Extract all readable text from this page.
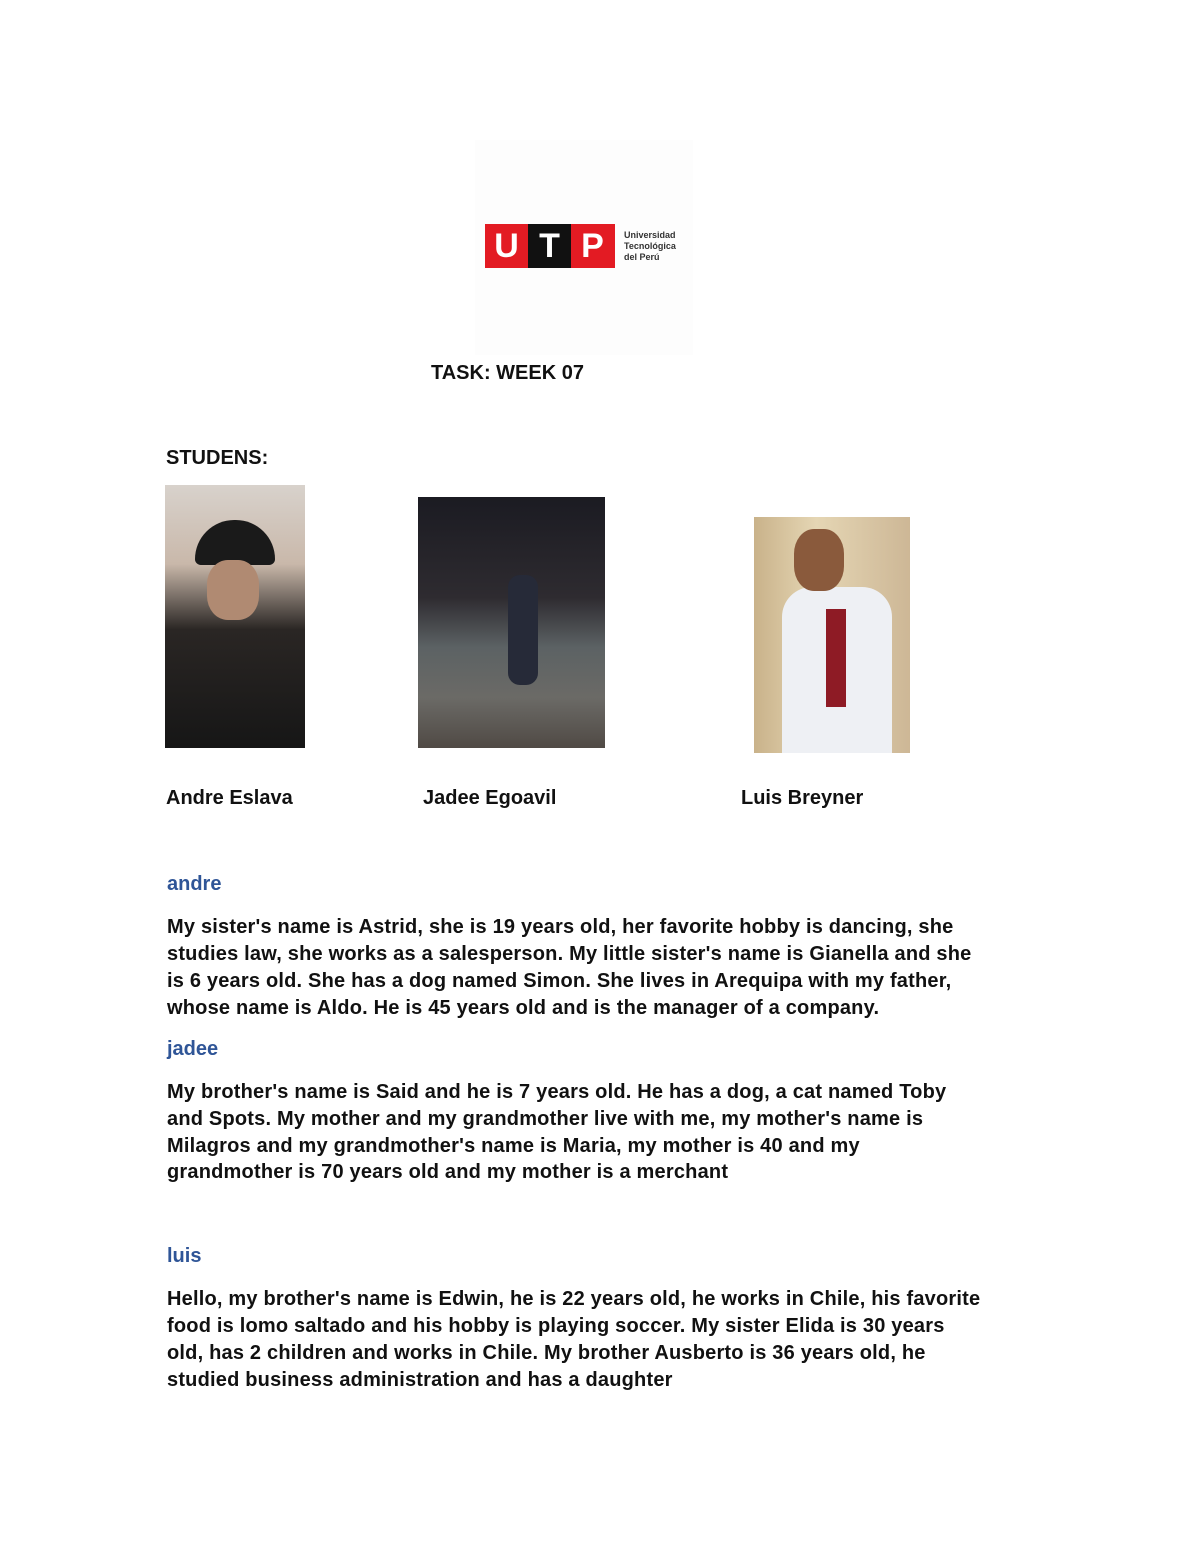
U T P	Universidad
Tecnológica
del Perú
TASK: WEEK 07
STUDENS:
Andre Eslava	Jadee Egoavil	Luis Breyner
andre
My sister's name is Astrid, she is 19 years old, her favorite hobby is dancing, she
studies law, she works as a salesperson. My little sister's name is Gianella and she
is 6 years old. She has a dog named Simon. She lives in Arequipa with my father,
whose name is Aldo. He is 45 years old and is the manager of a company.
jadee
My brother's name is Said and he is 7 years old. He has a dog, a cat named Toby
and Spots. My mother and my grandmother live with me, my mother's name is
Milagros and my grandmother's name is Maria, my mother is 40 and my
grandmother is 70 years old and my mother is a merchant
luis
Hello, my brother's name is Edwin, he is 22 years old, he works in Chile, his favorite
food is lomo saltado and his hobby is playing soccer. My sister Elida is 30 years
old, has 2 children and works in Chile. My brother Ausberto is 36 years old, he
studied business administration and has a daughter
